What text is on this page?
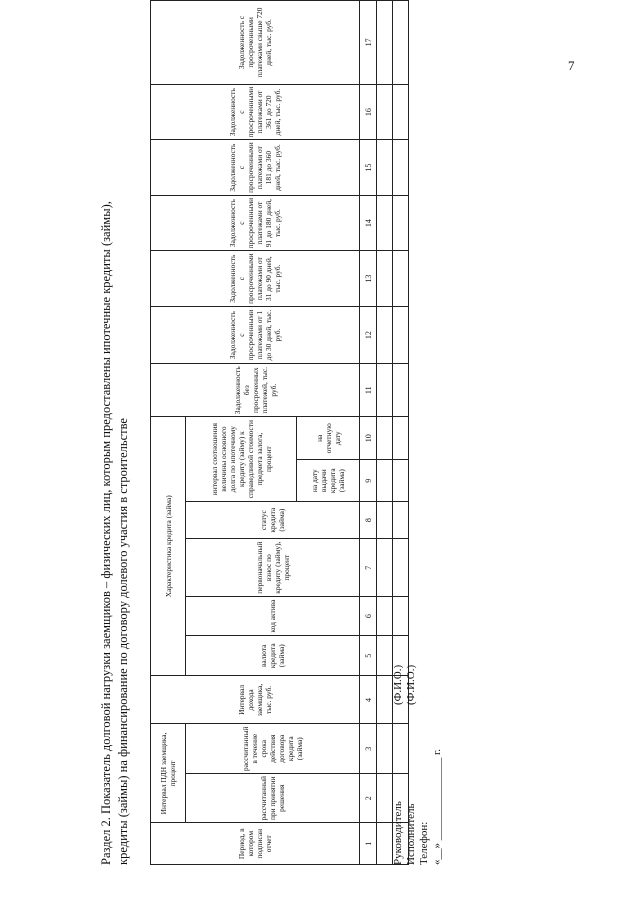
7
Раздел 2. Показатель долговой нагрузки заемщиков – физических лиц, которым предоставлены ипотечные кредиты (займы), кредиты (займы) на финансирование по договору долевого участия в строительстве	Период, в котором подписан отчет	Интервал ПДН заемщика, процент		Интервал дохода заемщика, тыс. руб.	Характеристика кредита (займа)						Задолженность без просроченных платежей, тыс. руб.	Задолженность с просроченными платежами от 1 до 30 дней, тыс. руб.	Задолженность с просроченными платежами от 31 до 90 дней, тыс. руб.	Задолженность с просроченными платежами от 91 до 180 дней, тыс. руб.	Задолженность с просроченными платежами от 181 до 360 дней, тыс. руб.	Задолженность с просроченными платежами от 361 до 720 дней, тыс. руб.	Задолженность с просроченными платежами свыше 720 дней, тыс. руб.
	рассчитанный при принятии решения	рассчитанный в течение срока действия договора кредита (займа)		валюта кредита (займа)	код актива	первоначальный взнос по кредиту (займу), процент	статус кредита (займа)	интервал соотношения величины основного долга по ипотечному кредиту (займу) к справедливой стоимости предмета залога, процент								
								на дату выдачи кредита (займа)	на отчетную дату							
1	2	3	4	5	6	7	8	9	10	11	12	13	14	15	16	17

Руководитель
(Ф.И.О.)
Исполнитель
(Ф.И.О.)
Телефон: «__» _______________ г.
